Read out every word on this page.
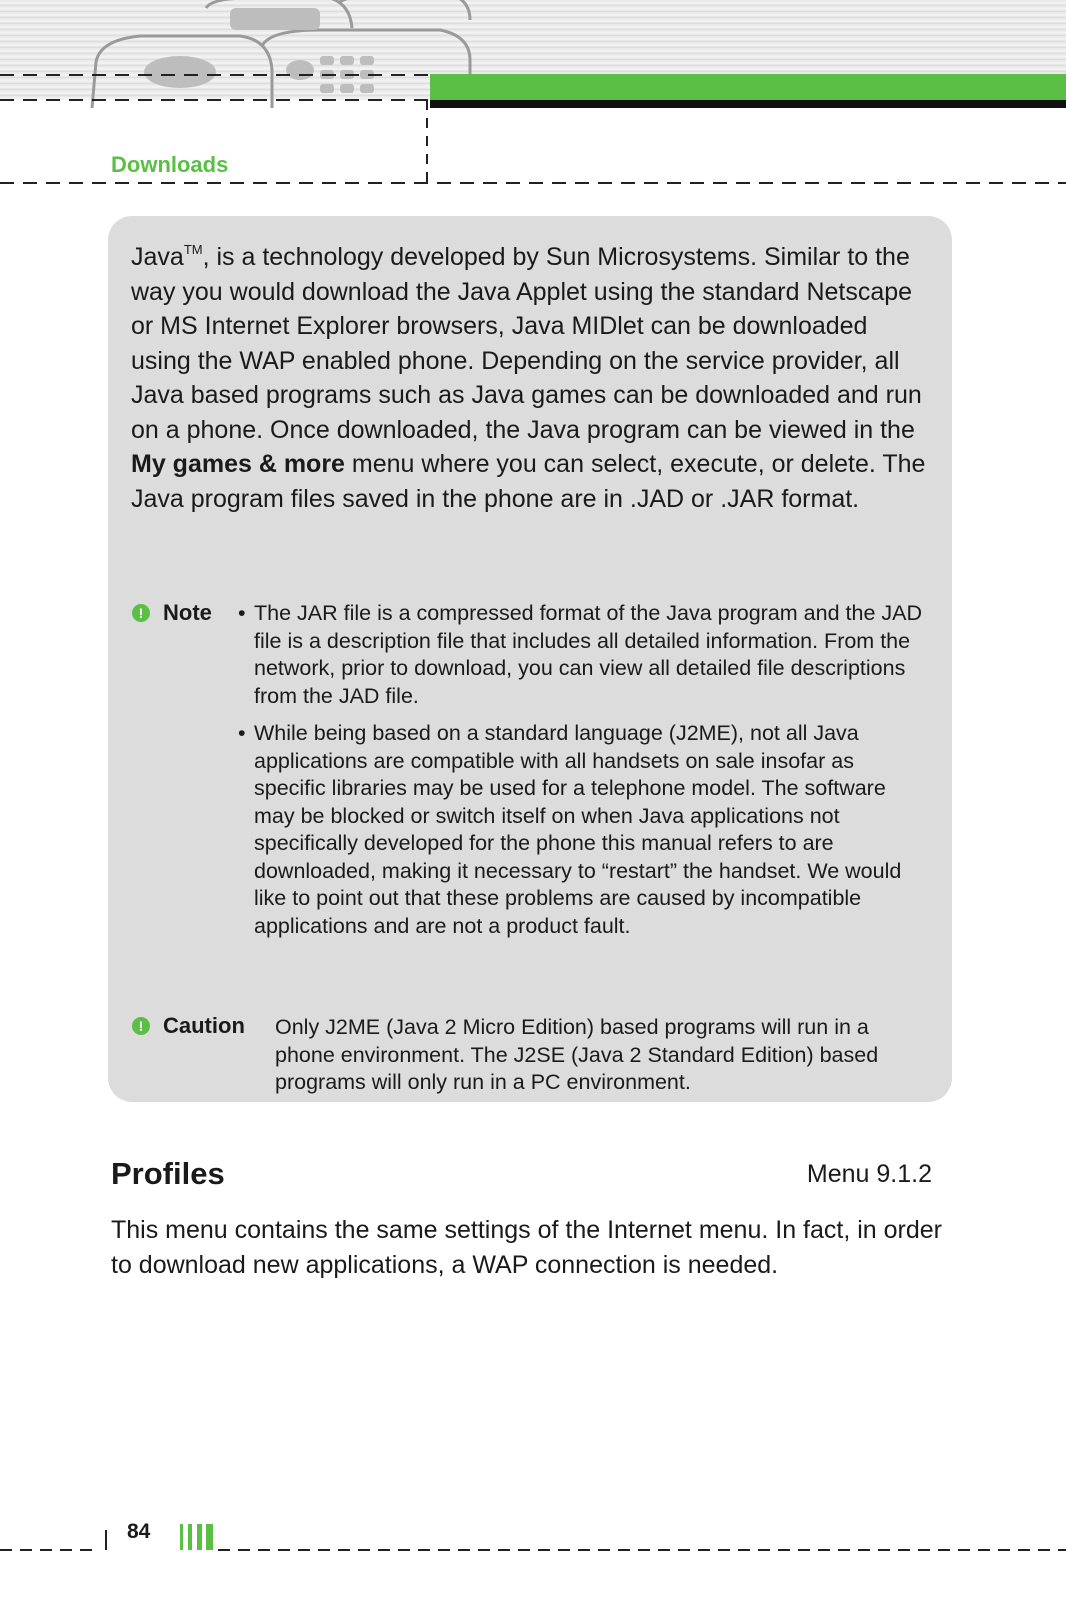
Downloads
Java™, is a technology developed by Sun Microsystems. Similar to the way you would download the Java Applet using the standard Netscape or MS Internet Explorer browsers, Java MIDlet can be downloaded using the WAP enabled phone. Depending on the service provider, all Java based programs such as Java games can be downloaded and run on a phone. Once downloaded, the Java program can be viewed in the My games & more menu where you can select, execute, or delete. The Java program files saved in the phone are in .JAD or .JAR format.
! Note • The JAR file is a compressed format of the Java program and the JAD file is a description file that includes all detailed information. From the network, prior to download, you can view all detailed file descriptions from the JAD file.
• While being based on a standard language (J2ME), not all Java applications are compatible with all handsets on sale insofar as specific libraries may be used for a telephone model. The software may be blocked or switch itself on when Java applications not specifically developed for the phone this manual refers to are downloaded, making it necessary to “restart” the handset. We would like to point out that these problems are caused by incompatible applications and are not a product fault.
! Caution Only J2ME (Java 2 Micro Edition) based programs will run in a phone environment. The J2SE (Java 2 Standard Edition) based programs will only run in a PC environment.
Profiles	Menu 9.1.2
This menu contains the same settings of the Internet menu. In fact, in order to download new applications, a WAP connection is needed.
84
